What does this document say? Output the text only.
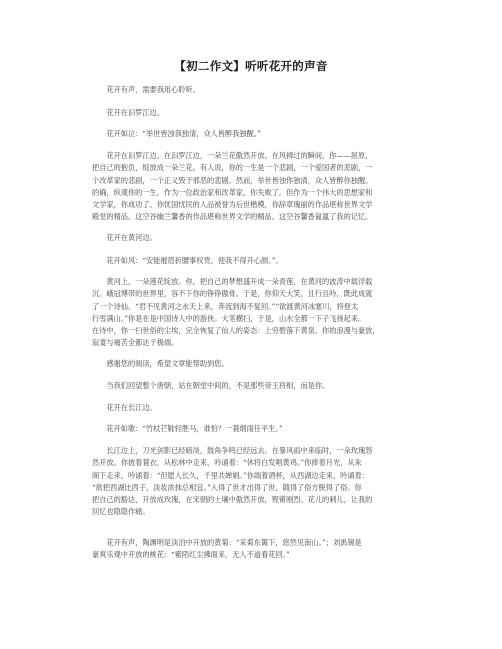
【初二作文】听听花开的声音

　　花开有声，需要我用心聆听。

　　花开在汩罗江边。

　　花开如泣：“举世皆浊我独清，众人皆醉我独醒。”

　　花开在汩罗江边。在汩罗江边，一朵兰花傲然开放。在风拂过的瞬间，你——屈原，
把自己的抱负，绽放成一朵兰花。有人说，你的一生是一个悲剧，一个爱国者的悲剧，一
个改革家的悲剧，一个正义毁于邪恶的悲剧。然而，举世皆浊你独清，众人皆醉你独醒。
的确，纵观你的一生，作为一位政治家和改革家，你失败了。但作为一个伟大的思想家和
文学家，你成功了。你忧国忧民的人品被誉为后世楷模，你辞章瑰丽的作品堪称世界文学
殿堂的精品。这空谷幽兰馨香的作品堪称世界文学的精品。这空谷馨香氤氲了我的记忆。

　　花开在黄河边。

　　花开如风：“安能摧眉折腰事权贵，使我不得开心颜。”。

　　黄河上，一朵莲花绽放。你，把自己的梦想盛开成一朵青莲，在黄河的波涛中载浮载
沉。峨冠博带的世界里，容不下你的铮铮傲骨。于是，你仰天大笑，且行且吟，既此成就
了一个诗仙。“君不见黄河之水天上来，奔流到海不复回。”“欲渡黄河冰塞川，将登太
行雪满山。”你是在是中国诗人中的游侠。大笔横扫，于是，山水全都一下子飞扬起来。
在诗中，你一扫世俗的尘埃，完全恢复了仙人的姿态：上穷碧落下黄泉。你的浪漫与豪放，
寂寞与痛苦全都达于极端。

　　感谢您的阅读，希望文章能帮助到您。

　　当我们回望整个唐朝，站在朝堂中间的，不是那些帝王将相，而是你。

　　花开在长江边。

　　花开如歌：“竹杖芒鞋轻胜马，谁怕？一蓑烟雨任平生。”

　　长江边上，刀光剑影已经暗淡，鼓角争鸣已经远去。在暴风雨中来临时，一朵玫瑰怒
然开放。你披着蓑衣，从松林中走来，吟诵着：“休将白发唱黄鸡。”你捧着月光，从朱
阁下走来，吟诵着：“但愿人长久，千里共婵娟。”你端着酒杯，从西湖边走来，吟诵着：
“欲把西湖比西子，淡妆浓抹总相宜。”入得了世才出得了世，随得了俗方脱得了俗。你
把自己的豁达，开放成玫瑰，在宋朝的土壤中傲然开放，铿锵刚烈。花儿的刺儿，让我的
回忆也隐隐作痛。

　　花开有声，陶渊明是淡泊中开放的黄菊：“采菊东篱下，悠然见南山。”；刘禹锡是
豪爽乐观中开放的桃花：“紫陌红尘拂面来，无人不道看花回。”
